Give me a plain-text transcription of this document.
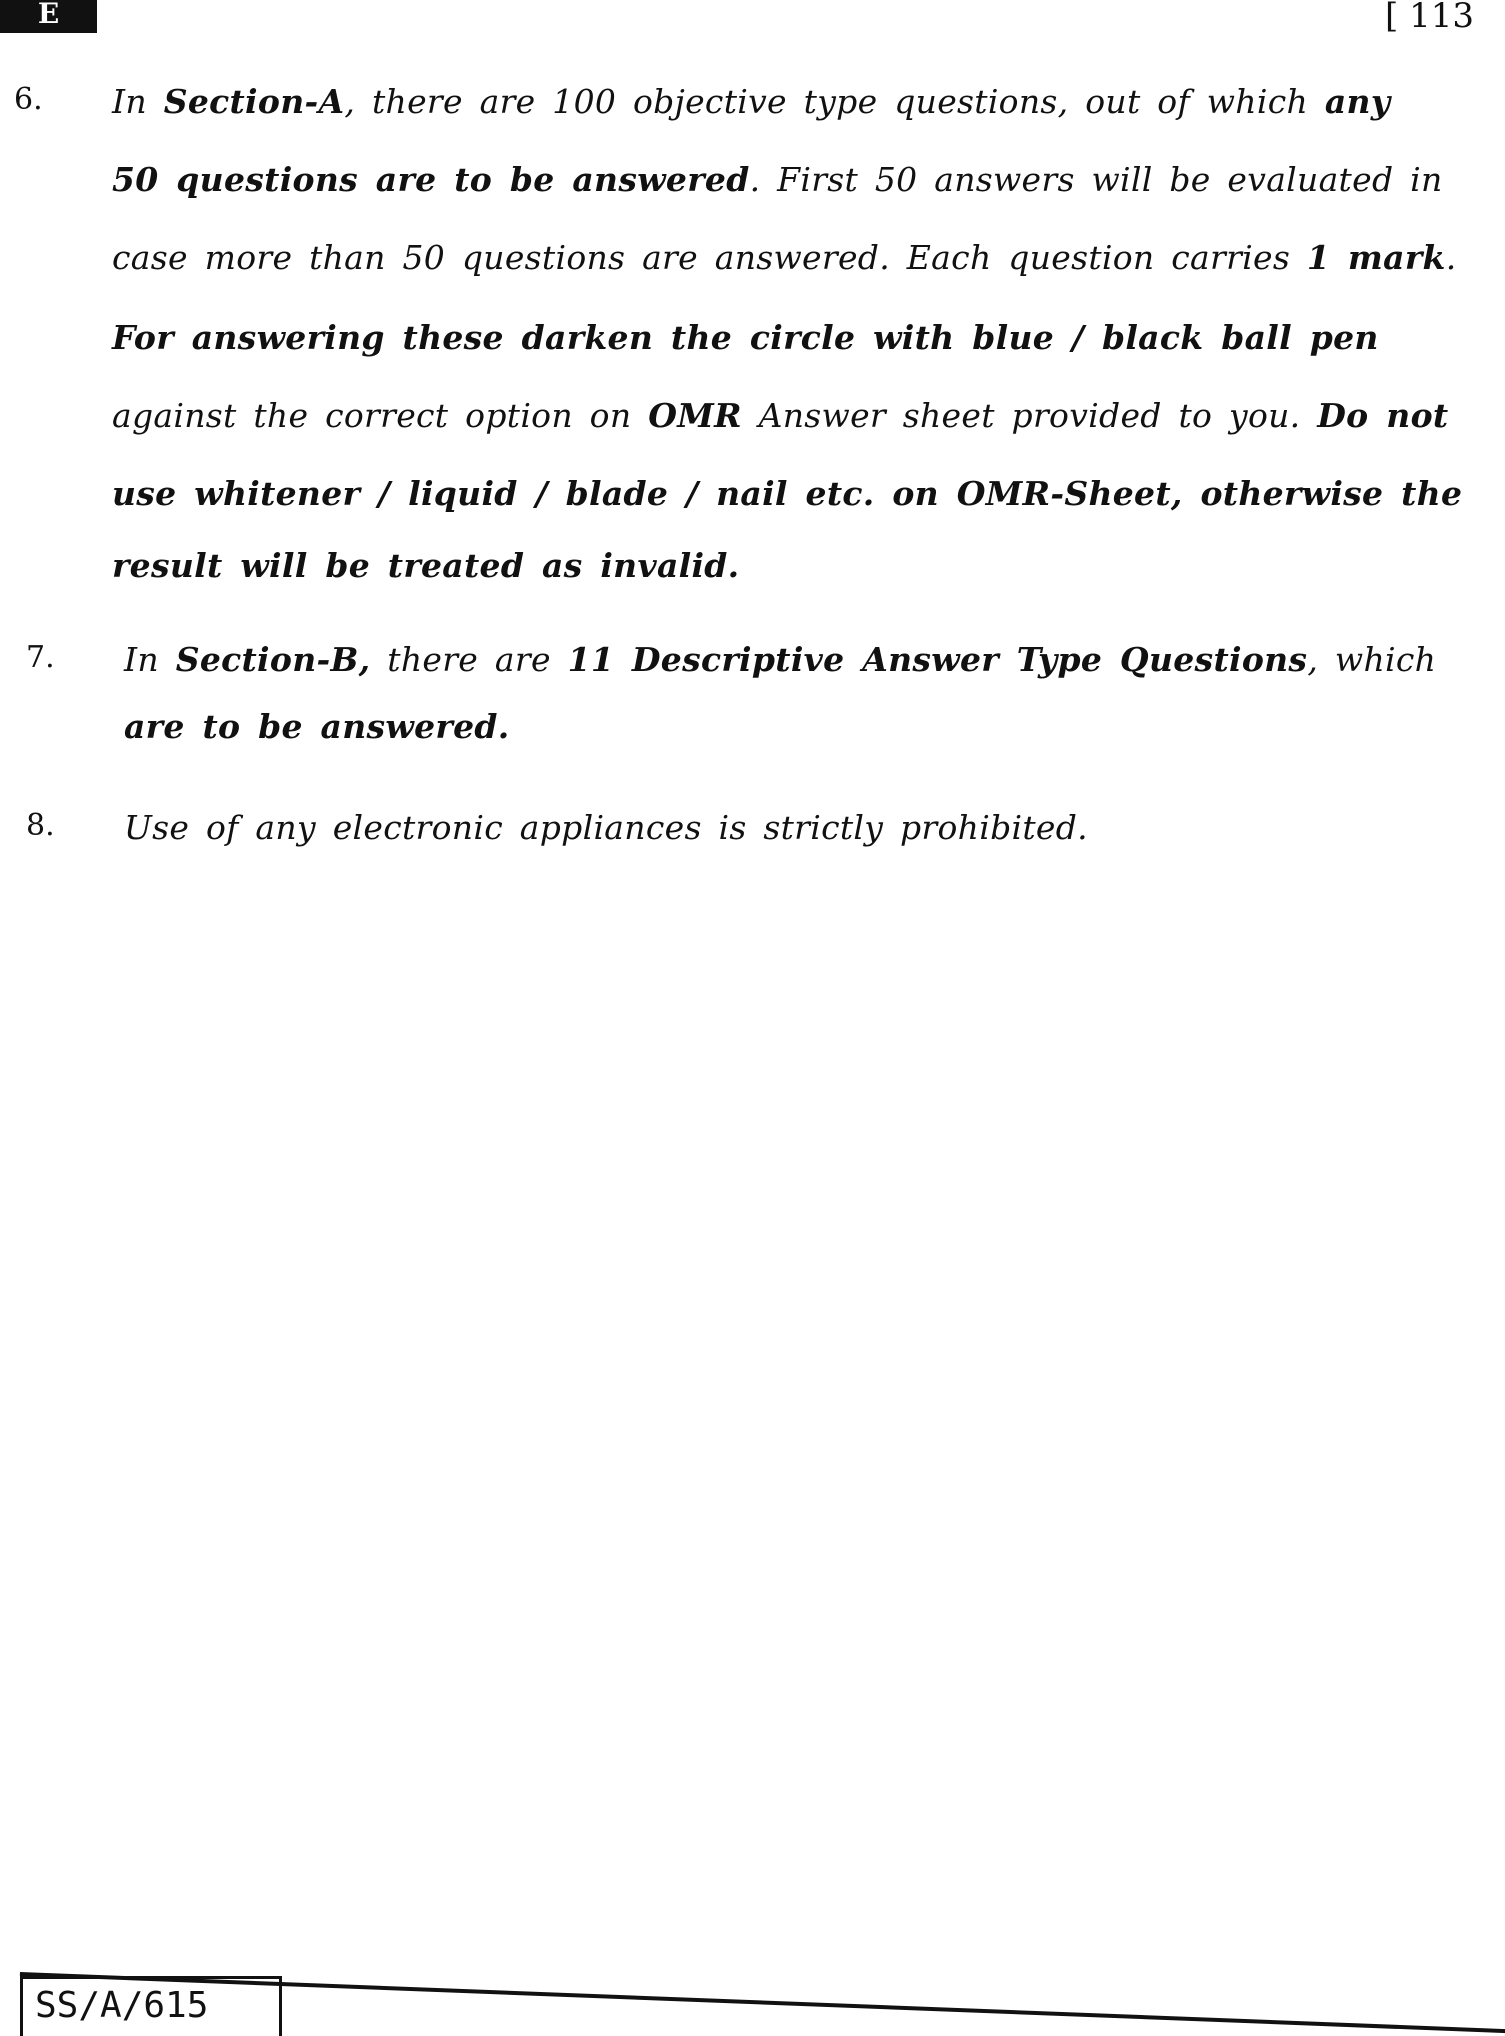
E	[ 113
6. In Section-A, there are 100 objective type questions, out of which any
50 questions are to be answered. First 50 answers will be evaluated in
case more than 50 questions are answered. Each question carries 1 mark.
For answering these darken the circle with blue / black ball pen
against the correct option on OMR Answer sheet provided to you. Do not
use whitener / liquid / blade / nail etc. on OMR-Sheet, otherwise the
result will be treated as invalid.
7. In Section-B, there are 11 Descriptive Answer Type Questions, which
are to be answered.
8. Use of any electronic appliances is strictly prohibited.
SS/A/615
